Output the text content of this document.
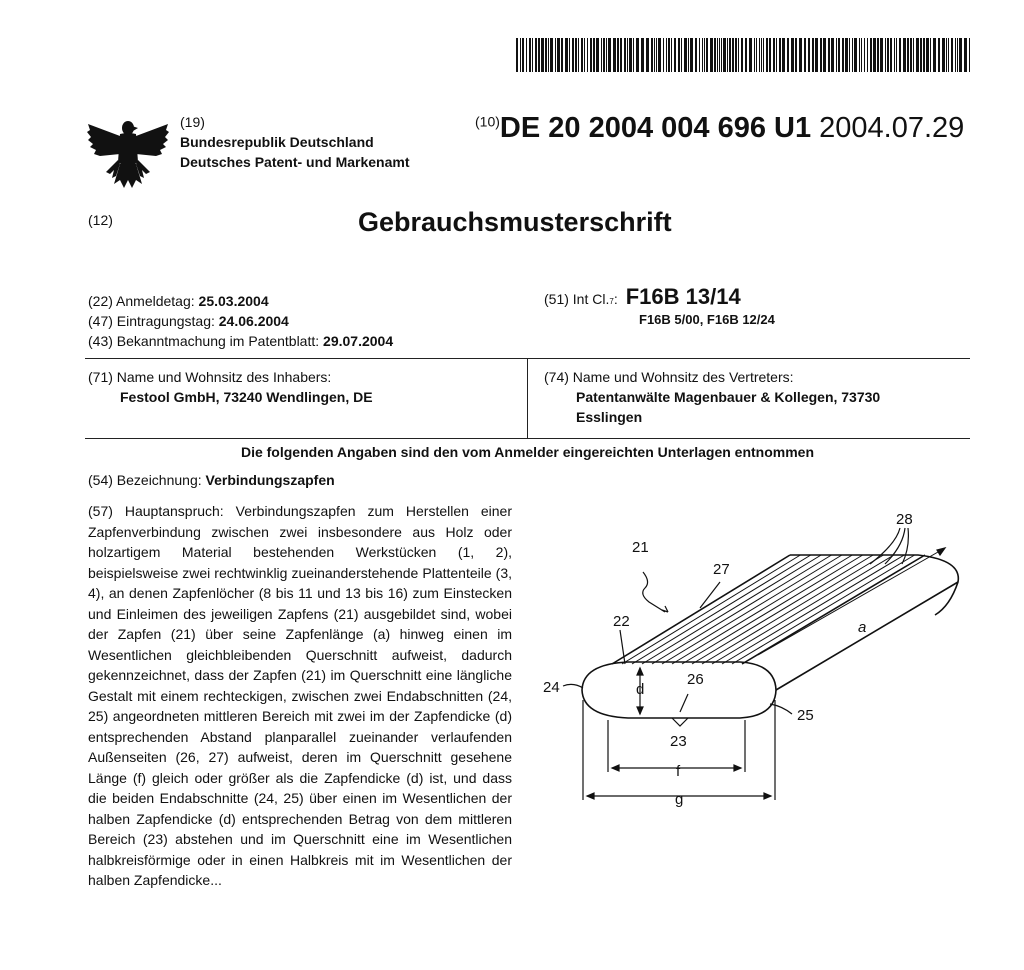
(19)
Bundesrepublik Deutschland
Deutsches Patent- und Markenamt
$^{(10)}$DE 20 2004 004 696 U1 2004.07.29
(12)	Gebrauchsmusterschrift
(22) Anmeldetag: 25.03.2004
(47) Eintragungstag: 24.06.2004
(43) Bekanntmachung im Patentblatt: 29.07.2004
(51)
Int Cl. 7 : F16B 13/14
F16B 5/00, F16B 12/24
(71) Name und Wohnsitz des Inhabers:
Festool GmbH, 73240 Wendlingen, DE
(74) Name und Wohnsitz des Vertreters:
Patentanwälte Magenbauer & Kollegen, 73730
Esslingen
Die folgenden Angaben sind den vom Anmelder eingereichten Unterlagen entnommen
(54) Bezeichnung: Verbindungszapfen
(57) Hauptanspruch: Verbindungszapfen zum Herstellen einer Zapfenverbindung zwischen zwei insbesondere aus Holz oder holzartigem Material bestehenden Werkstücken (1, 2), beispielsweise zwei rechtwinklig zueinanderstehende Plattenteile (3, 4), an denen Zapfenlöcher (8 bis 11 und 13 bis 16) zum Einstecken und Einleimen des jeweiligen Zapfens (21) ausgebildet sind, wobei der Zapfen (21) über seine Zapfenlänge (a) hinweg einen im Wesentlichen gleichbleibenden Querschnitt aufweist, dadurch gekennzeichnet, dass der Zapfen (21) im Querschnitt eine längliche Gestalt mit einem rechteckigen, zwischen zwei Endabschnitten (24, 25) angeordneten mittleren Bereich mit zwei im der Zapfendicke (d) entsprechenden Abstand planparallel zueinander verlaufenden Außenseiten (26, 27) aufweist, deren im Querschnitt gesehene Länge (f) gleich oder größer als die Zapfendicke (d) ist, und dass die beiden Endabschnitte (24, 25) über einen im Wesentlichen der halben Zapfendicke (d) entsprechenden Betrag von dem mittleren Bereich (23) abstehen und im Querschnitt eine im Wesentlichen halbkreisförmige oder in einen Halbkreis mit im Wesentlichen der halben Zapfendicke...
21
27
28
22	a
24	d
26
25
23
f
g
